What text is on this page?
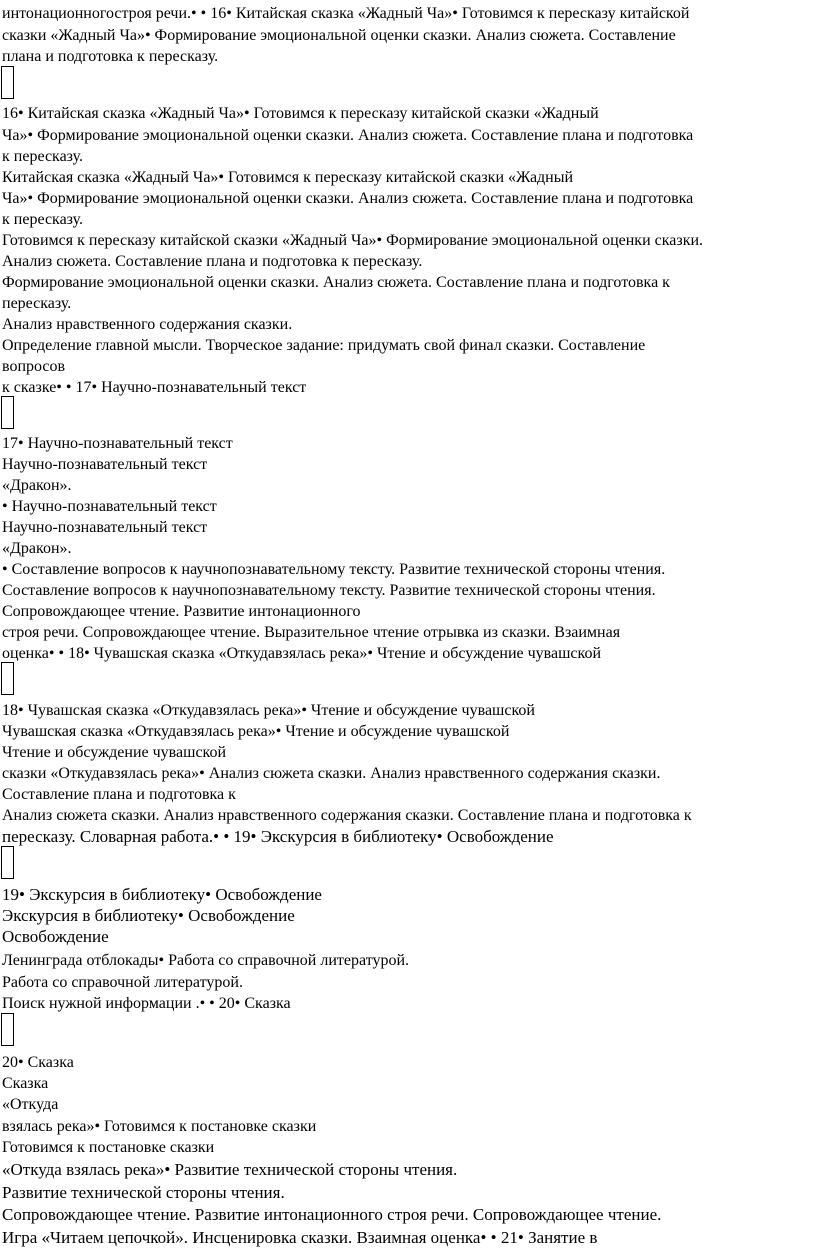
интонационногостроя речи.• • 16• Китайская сказка «Жадный Ча»• Готовимся к пересказу китайской
сказки «Жадный Ча»• Формирование эмоциональной оценки сказки. Анализ сюжета. Составление
плана и подготовка к пересказу.
16• Китайская сказка «Жадный Ча»• Готовимся к пересказу китайской сказки «Жадный
Ча»• Формирование эмоциональной оценки сказки. Анализ сюжета. Составление плана и подготовка
к пересказу.
Китайская сказка «Жадный Ча»• Готовимся к пересказу китайской сказки «Жадный
Ча»• Формирование эмоциональной оценки сказки. Анализ сюжета. Составление плана и подготовка
к пересказу.
Готовимся к пересказу китайской сказки «Жадный Ча»• Формирование эмоциональной оценки сказки.
Анализ сюжета. Составление плана и подготовка к пересказу.
Формирование эмоциональной оценки сказки. Анализ сюжета. Составление плана и подготовка к
пересказу.
Анализ нравственного содержания сказки.
Определение главной мысли. Творческое задание: придумать свой финал сказки. Составление
вопросов
к сказке• • 17• Научно-познавательный текст
17• Научно-познавательный текст
Научно-познавательный текст
«Дракон».
• Научно-познавательный текст
Научно-познавательный текст
«Дракон».
• Составление вопросов к научнопознавательному тексту. Развитие технической стороны чтения.
Составление вопросов к научнопознавательному тексту. Развитие технической стороны чтения.
Сопровождающее чтение. Развитие интонационного
строя речи. Сопровождающее чтение. Выразительное чтение отрывка из сказки. Взаимная
оценка• • 18• Чувашская сказка «Откудавзялась река»• Чтение и обсуждение чувашской
18• Чувашская сказка «Откудавзялась река»• Чтение и обсуждение чувашской
Чувашская сказка «Откудавзялась река»• Чтение и обсуждение чувашской
Чтение и обсуждение чувашской
сказки «Откудавзялась река»• Анализ сюжета сказки. Анализ нравственного содержания сказки.
Составление плана и подготовка к
Анализ сюжета сказки. Анализ нравственного содержания сказки. Составление плана и подготовка к
пересказу. Словарная работа.• • 19• Экскурсия в библиотеку• Освобождение
19• Экскурсия в библиотеку• Освобождение
Экскурсия в библиотеку• Освобождение
Освобождение
Ленинграда отблокады• Работа со справочной литературой.
Работа со справочной литературой.
Поиск нужной информации .• • 20• Сказка
20• Сказка
Сказка
«Откуда
взялась река»• Готовимся к постановке сказки
Готовимся к постановке сказки
«Откуда взялась река»• Развитие технической стороны чтения.
Развитие технической стороны чтения.
Сопровождающее чтение. Развитие интонационного строя речи. Сопровождающее чтение.
Игра «Читаем цепочкой». Инсценировка сказки. Взаимная оценка• • 21• Занятие в
